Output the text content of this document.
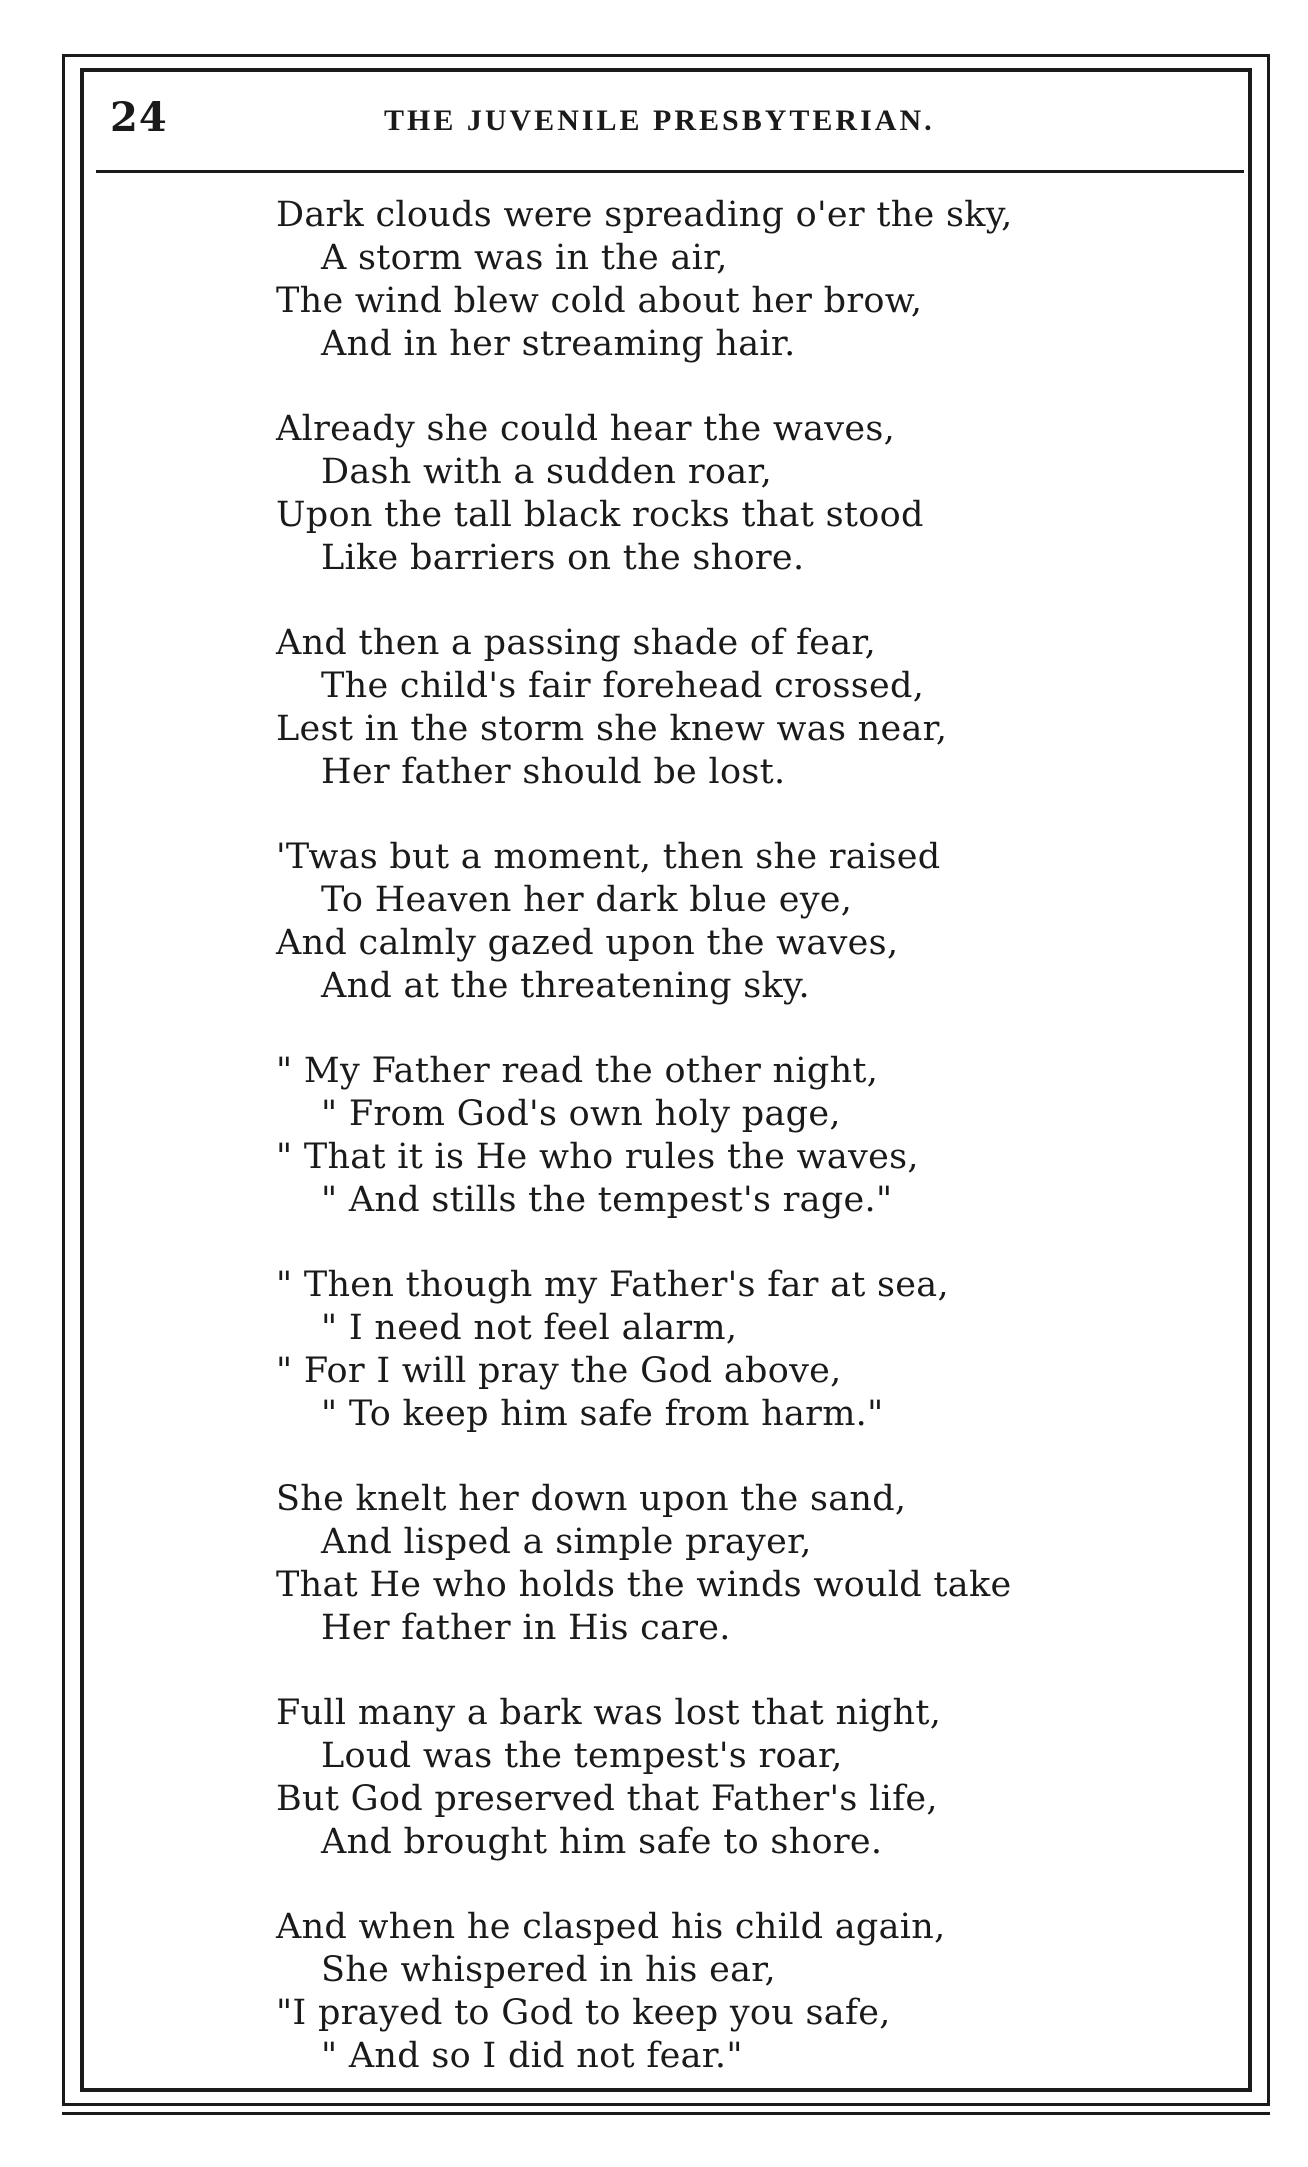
24	THE JUVENILE PRESBYTERIAN.
Dark clouds were spreading o'er the sky,
A storm was in the air,
The wind blew cold about her brow,
And in her streaming hair.
Already she could hear the waves,
Dash with a sudden roar,
Upon the tall black rocks that stood
Like barriers on the shore.
And then a passing shade of fear,
The child's fair forehead crossed,
Lest in the storm she knew was near,
Her father should be lost.
'Twas but a moment, then she raised
To Heaven her dark blue eye,
And calmly gazed upon the waves,
And at the threatening sky.
" My Father read the other night,
" From God's own holy page,
" That it is He who rules the waves,
" And stills the tempest's rage."
" Then though my Father's far at sea,
" I need not feel alarm,
" For I will pray the God above,
" To keep him safe from harm."
She knelt her down upon the sand,
And lisped a simple prayer,
That He who holds the winds would take
Her father in His care.
Full many a bark was lost that night,
Loud was the tempest's roar,
But God preserved that Father's life,
And brought him safe to shore.
And when he clasped his child again,
She whispered in his ear,
"I prayed to God to keep you safe,
" And so I did not fear."
